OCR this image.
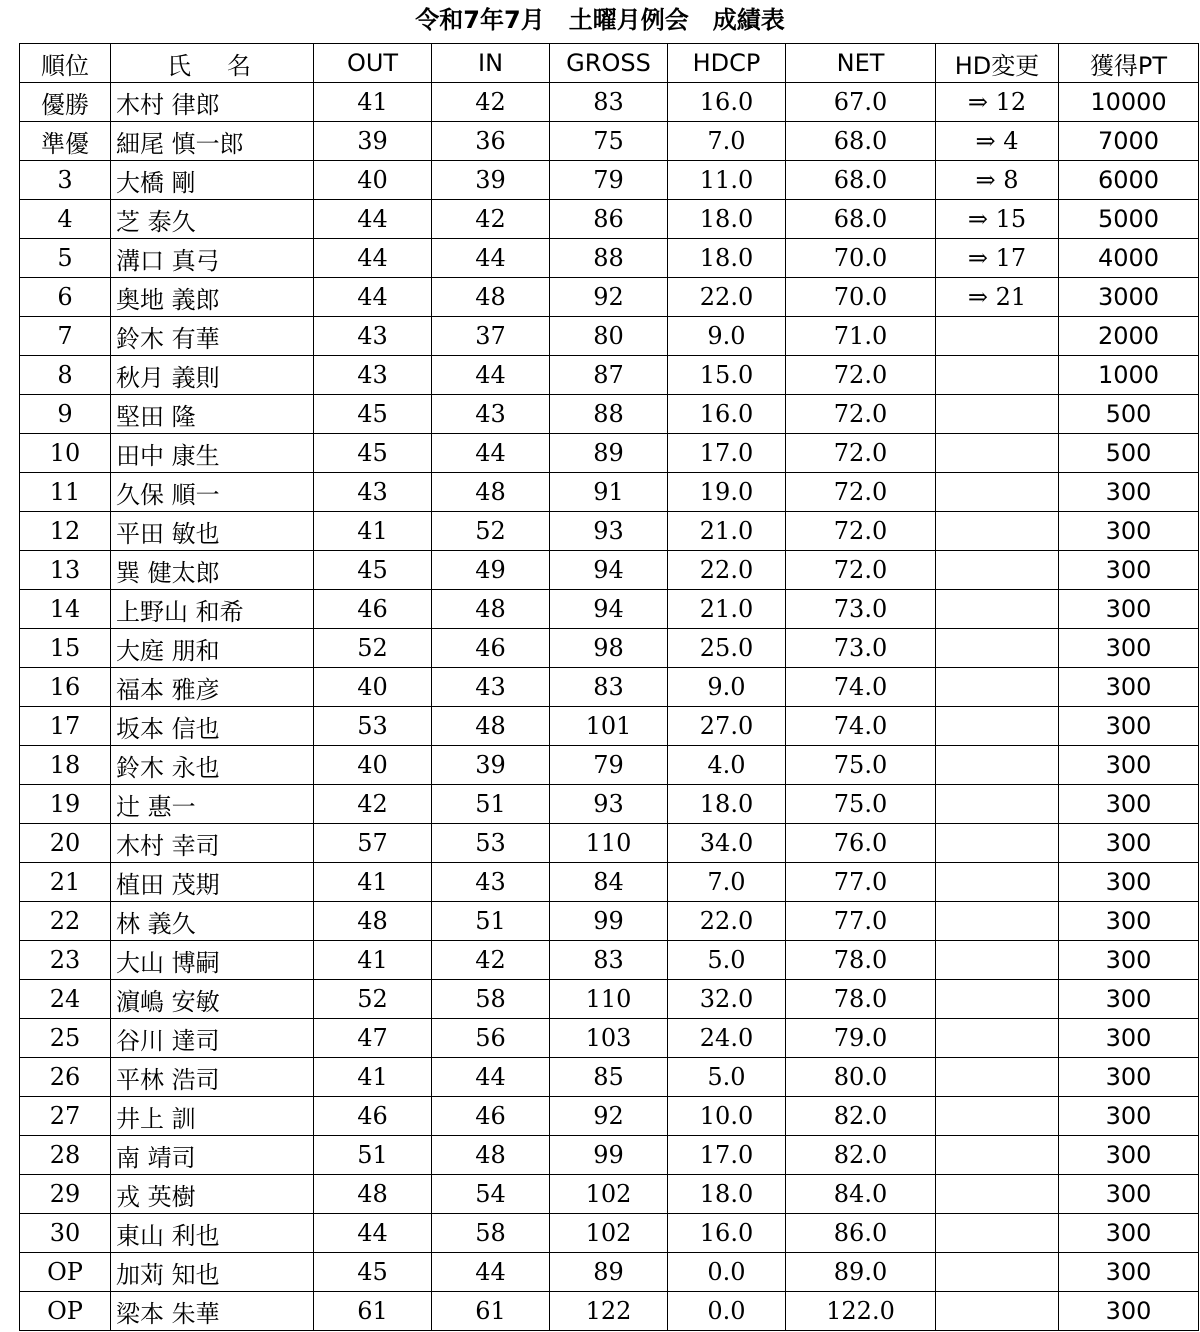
令和7年7月　土曜月例会　成績表
順位	氏　名	OUT	IN	GROSS	HDCP	NET	HD変更	獲得PT
優勝	木村 律郎	41	42	83	16.0	67.0	⇒ 12	10000
準優	細尾 慎一郎	39	36	75	7.0	68.0	⇒ 4	7000
3	大橋 剛	40	39	79	11.0	68.0	⇒ 8	6000
4	芝 泰久	44	42	86	18.0	68.0	⇒ 15	5000
5	溝口 真弓	44	44	88	18.0	70.0	⇒ 17	4000
6	奥地 義郎	44	48	92	22.0	70.0	⇒ 21	3000
7	鈴木 有華	43	37	80	9.0	71.0		2000
8	秋月 義則	43	44	87	15.0	72.0		1000
9	堅田 隆	45	43	88	16.0	72.0		500
10	田中 康生	45	44	89	17.0	72.0		500
11	久保 順一	43	48	91	19.0	72.0		300
12	平田 敏也	41	52	93	21.0	72.0		300
13	巽 健太郎	45	49	94	22.0	72.0		300
14	上野山 和希	46	48	94	21.0	73.0		300
15	大庭 朋和	52	46	98	25.0	73.0		300
16	福本 雅彦	40	43	83	9.0	74.0		300
17	坂本 信也	53	48	101	27.0	74.0		300
18	鈴木 永也	40	39	79	4.0	75.0		300
19	辻 惠一	42	51	93	18.0	75.0		300
20	木村 幸司	57	53	110	34.0	76.0		300
21	植田 茂期	41	43	84	7.0	77.0		300
22	林 義久	48	51	99	22.0	77.0		300
23	大山 博嗣	41	42	83	5.0	78.0		300
24	濵嶋 安敏	52	58	110	32.0	78.0		300
25	谷川 達司	47	56	103	24.0	79.0		300
26	平林 浩司	41	44	85	5.0	80.0		300
27	井上 訓	46	46	92	10.0	82.0		300
28	南 靖司	51	48	99	17.0	82.0		300
29	戎 英樹	48	54	102	18.0	84.0		300
30	東山 利也	44	58	102	16.0	86.0		300
OP	加苅 知也	45	44	89	0.0	89.0		300
OP	梁本 朱華	61	61	122	0.0	122.0		300
